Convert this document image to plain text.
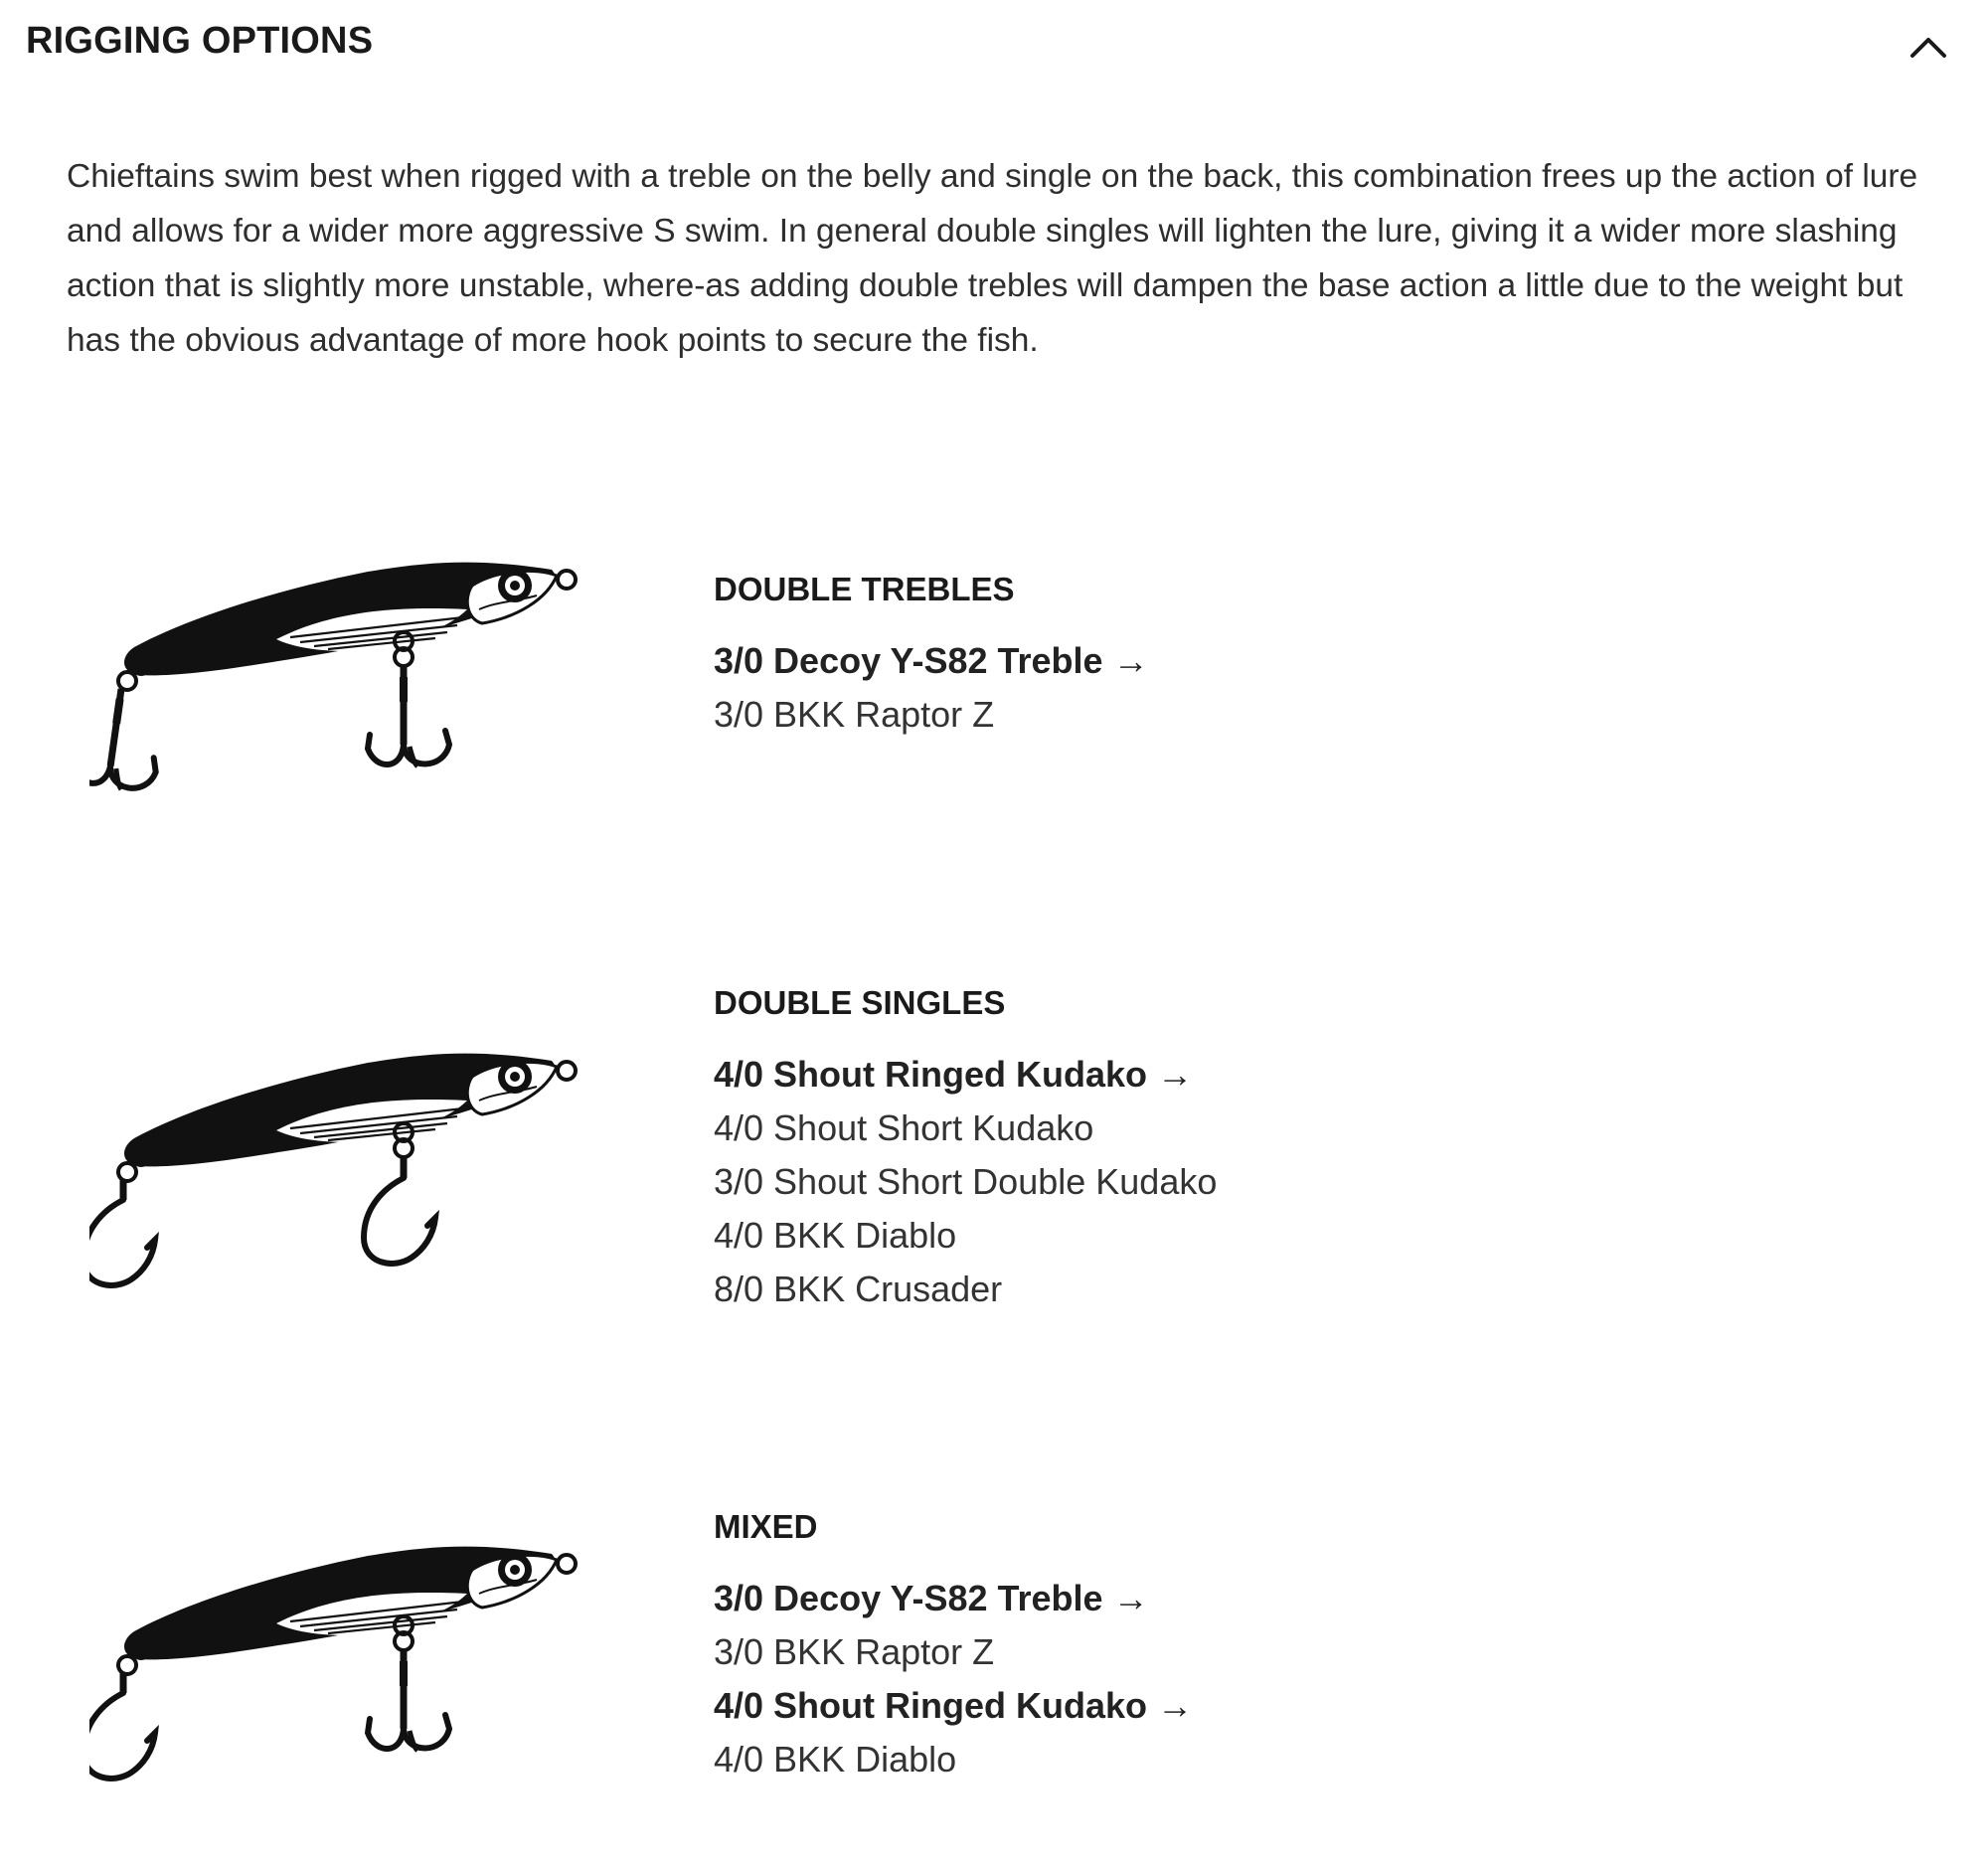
RIGGING OPTIONS

Chieftains swim best when rigged with a treble on the belly and single on the back, this combination frees up the action of lure and allows for a wider more aggressive S swim. In general double singles will lighten the lure, giving it a wider more slashing action that is slightly more unstable, where-as adding double trebles will dampen the base action a little due to the weight but has the obvious advantage of more hook points to secure the fish.

DOUBLE TREBLES
3/0 Decoy Y-S82 Treble →
3/0 BKK Raptor Z
DOUBLE SINGLES
4/0 Shout Ringed Kudako →
4/0 Shout Short Kudako
3/0 Shout Short Double Kudako
4/0 BKK Diablo
8/0 BKK Crusader
MIXED
3/0 Decoy Y-S82 Treble →
3/0 BKK Raptor Z
4/0 Shout Ringed Kudako →
4/0 BKK Diablo
